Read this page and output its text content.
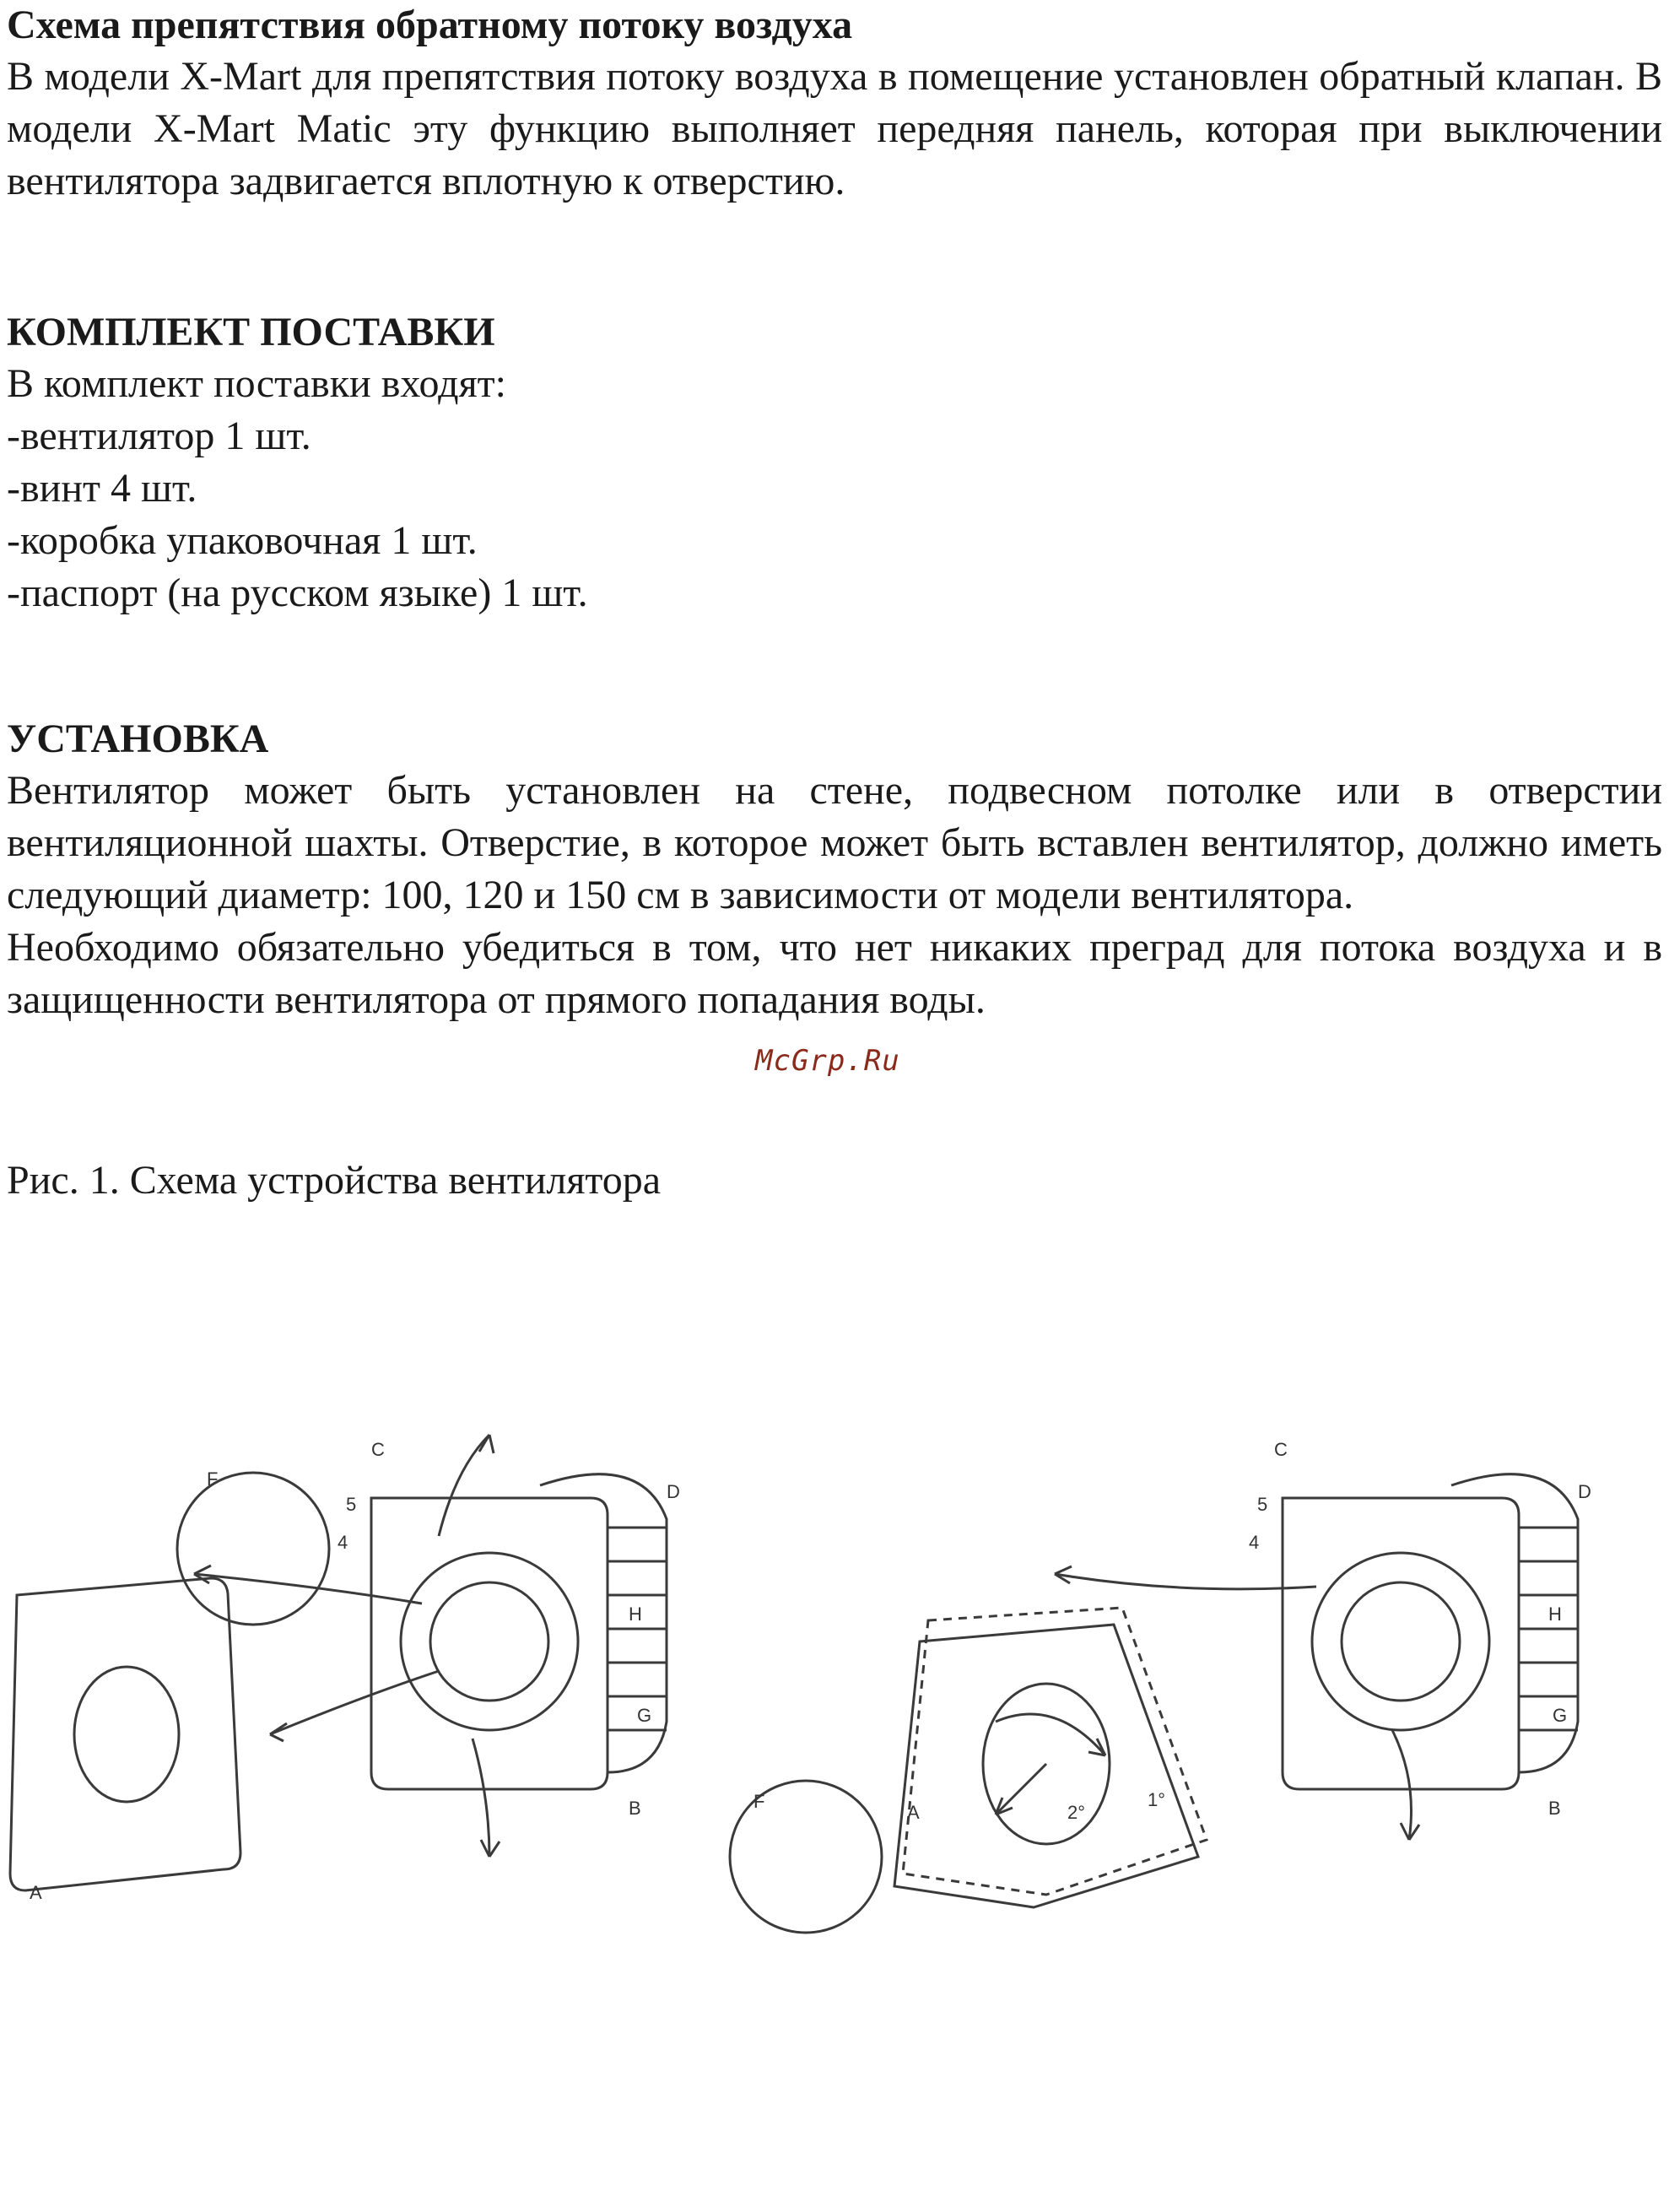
Схема препятствия обратному потоку воздуха

В модели X-Mart для препятствия потоку воздуха в помещение установлен обратный клапан. В модели X-Mart Matic эту функцию выполняет передняя панель, которая при выключении вентилятора задвигается вплотную к отверстию.

КОМПЛЕКТ ПОСТАВКИ

В комплект поставки входят:

-вентилятор 1 шт.
-винт 4 шт.
-коробка упаковочная 1 шт.
-паспорт (на русском языке) 1 шт.
УСТАНОВКА

Вентилятор может быть установлен на стене, подвесном потолке или в отверстии вентиляционной шахты. Отверстие, в которое может быть вставлен вентилятор, должно иметь следующий диаметр: 100, 120 и 150 см в зависимости от модели вентилятора.

Необходимо обязательно убедиться в том, что нет никаких преград для потока воздуха и в защищенности вентилятора от прямого попадания воды.

McGrp.Ru

Рис. 1. Схема устройства вентилятора

C
F
5
4
D
H
G
B
A
C
5
4
D
H
G
B
A
F
2°
1°
